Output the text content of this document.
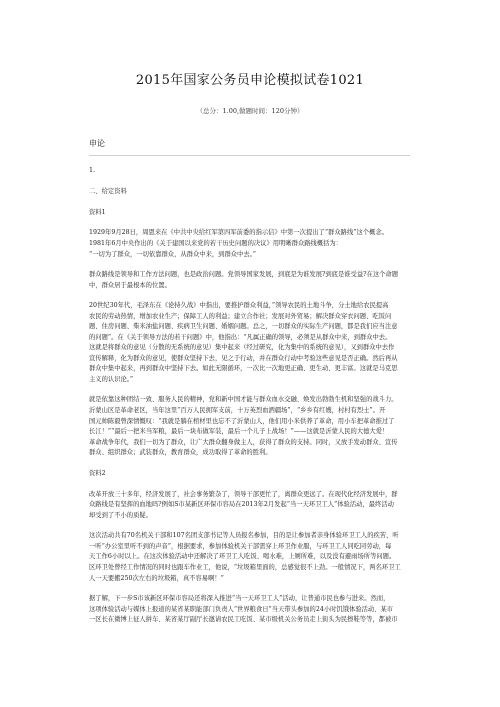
2015年国家公务员申论模拟试卷1021
（总分：1.00,做题时间：120分钟）
申论
1.
二、给定资料
资料1
1929年9月28日，周恩来在《中共中央给红军第四军前委的指示信》中第一次提出了“群众路线”这个概念。
1981年6月中央作出的《关于建国以来党的若干历史问题的决议》用明晰群众路线概括为：
“一切为了群众，一切依靠群众，从群众中来，到群众中去。”
群众路线是领导和工作方法问题，也是政治问题。党领导国家发展，到底是为谁发展?到底是谁受益?在这个命题
中，群众居于最根本的位置。
20世纪30年代，毛泽东在《论持久战》中指出，要推护群众利益，”领导农民的土地斗争，分土地给农民提高
农民的劳动热情，增加农业生产；保障工人的利益；建立合作社；发展对外贸易；解决群众穿衣问题、吃饭问
题、住房问题、柴米油盐问题、疾病卫生问题、婚姻问题。总之，一切群众的实际生产问题，都是我们应当注意
的问题”。在《关于领导方法的若干问题》中，他指出：“凡属正确的领导，必须是从群众中来，到群众中去。
这就是将群众的意见（分散的无系统的意见）集中起来（经过研究，化为集中的系统的意见），又到群众中去作
宣传解释，化为群众的意见，使群众坚持下去，见之于行动，并在群众行动中考验这些意见是否正确。然后再从
群众中集中起来，再到群众中坚持下去。如此无限循环，一次比一次地更正确、更生动、更丰富。这就是马克思
主义的认识论。”
就是依靠这种团结一致、服务人民的精神，党和新中国才能与群众血水交融、焕发出勃勃生机和坚强的战斗力。
沂蒙山区是革命老区，当年这里“百万人民拥军支前，十万英烈血洒疆场”，“乡乡有红嫂，村村有烈士”。开
国元帅陈毅曾深情慨叹：“我就是躺在棺材里也忘不了沂蒙山人，他们用小米供养了革命，用小车把革命推过了
长江！”“最后一把米当军粮，最后一块布做军装，最后一个儿子上战场！”——这就是沂蒙人民的大德大爱！
革命战争年代，我们一切为了群众，让广大群众翻身做主人，获得了群众的支持。同时，又放手发动群众、宣传
群众、组织群众；武装群众，教育群众，成功取得了革命的胜利。
资料2
改革开放三十多年，经济发展了，社会事务繁杂了，领导干部更忙了，离群众更远了。在现代化经济发展中，群
众路线是有坚挥的血地吗?例如S市某新区环保市容局在2013年2月发起“当一天环卫工人”体验活动，最终活动
却受到了不小的质疑。
这次活动共有70名机关干部和107名团支部书记等人员报名参加，目的是让参加者亲身体验环卫工人的疾苦，听
一听“办公室里听不到的声音”，根据要求，参加体验机关干部需穿上环卫作业服，与环卫工人同吃同劳动，每
天工作6小时以上。在这次体验活动中还解决了环卫工人吃饭、喝水难，上厕所难，以及没有避雨场所等问题。
区环卫处曾经工作情况的同时也跟车作业工，他说，“垃圾箱里面的，总感觉很不上劲。一般情况下，两名环卫工
人一天要搬250次左右的垃圾箱，真不容易啊！”
据了解，下一步S市该新区环保市容局还将深入推进“当一天环卫工人”活动，让普通市民也参与进来。然而，
这项体验活动与媒体上报道的某省某职能部门负责人“世界粮食日”当天带头参加的24小时饥饿体验活动、某市
一区长在微博上征人拼车、某省某厅副厅长邀请农民工吃饭、某市级机关公务员走上街头为民擦鞋等等，都被市
